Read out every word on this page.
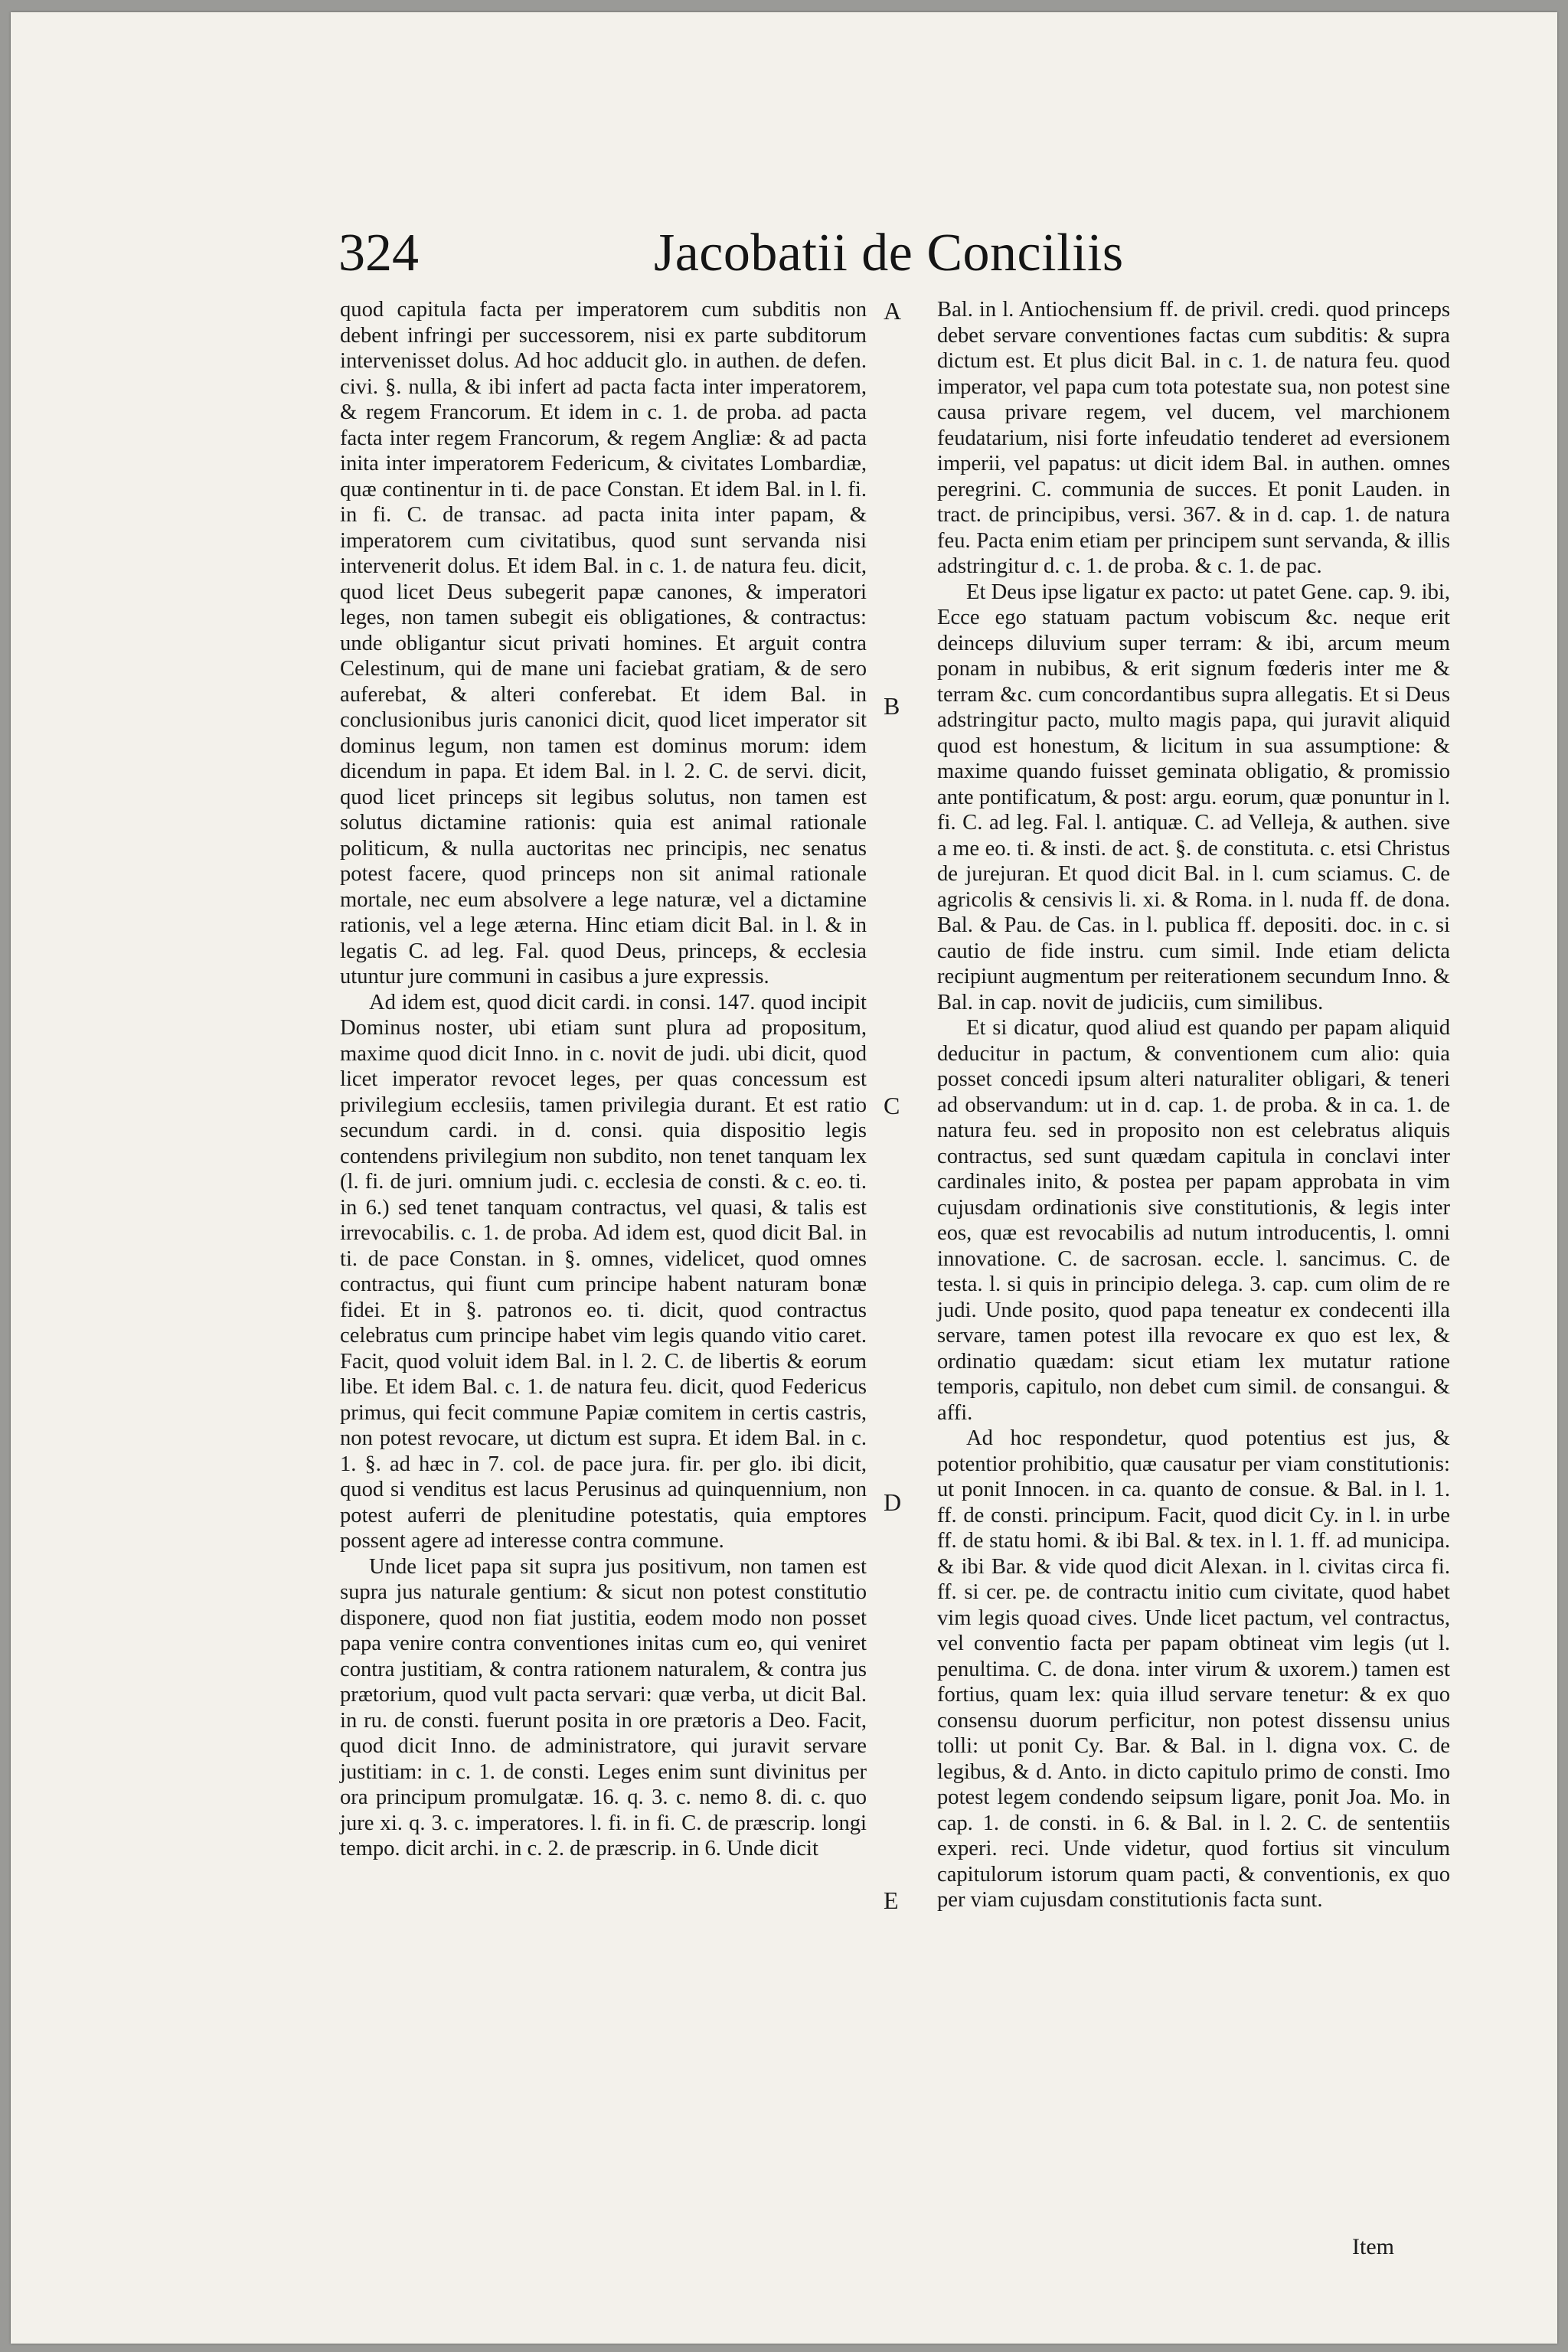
324	Jacobatii de Conciliis

quod capitula facta per imperatorem cum subditis non debent infringi per successorem, nisi ex parte subditorum intervenisset dolus. Ad hoc adducit glo. in authen. de defen. civi. §. nulla, & ibi infert ad pacta facta inter imperatorem, & regem Francorum. Et idem in c. 1. de proba. ad pacta facta inter regem Francorum, & regem Angliæ: & ad pacta inita inter imperatorem Federicum, & civitates Lombardiæ, quæ continentur in ti. de pace Constan. Et idem Bal. in l. fi. in fi. C. de transac. ad pacta inita inter papam, & imperatorem cum civitatibus, quod sunt servanda nisi intervenerit dolus. Et idem Bal. in c. 1. de natura feu. dicit, quod licet Deus subegerit papæ canones, & imperatori leges, non tamen subegit eis obligationes, & contractus: unde obligantur sicut privati homines. Et arguit contra Celestinum, qui de mane uni faciebat gratiam, & de sero auferebat, & alteri conferebat. Et idem Bal. in conclusionibus juris canonici dicit, quod licet imperator sit dominus legum, non tamen est dominus morum: idem dicendum in papa. Et idem Bal. in l. 2. C. de servi. dicit, quod licet princeps sit legibus solutus, non tamen est solutus dictamine rationis: quia est animal rationale politicum, & nulla auctoritas nec principis, nec senatus potest facere, quod princeps non sit animal rationale mortale, nec eum absolvere a lege naturæ, vel a dictamine rationis, vel a lege æterna. Hinc etiam dicit Bal. in l. & in legatis C. ad leg. Fal. quod Deus, princeps, & ecclesia utuntur jure communi in casibus a jure expressis.

Ad idem est, quod dicit cardi. in consi. 147. quod incipit Dominus noster, ubi etiam sunt plura ad propositum, maxime quod dicit Inno. in c. novit de judi. ubi dicit, quod licet imperator revocet leges, per quas concessum est privilegium ecclesiis, tamen privilegia durant. Et est ratio secundum cardi. in d. consi. quia dispositio legis contendens privilegium non subdito, non tenet tanquam lex (l. fi. de juri. omnium judi. c. ecclesia de consti. & c. eo. ti. in 6.) sed tenet tanquam contractus, vel quasi, & talis est irrevocabilis. c. 1. de proba. Ad idem est, quod dicit Bal. in ti. de pace Constan. in §. omnes, videlicet, quod omnes contractus, qui fiunt cum principe habent naturam bonæ fidei. Et in §. patronos eo. ti. dicit, quod contractus celebratus cum principe habet vim legis quando vitio caret. Facit, quod voluit idem Bal. in l. 2. C. de libertis & eorum libe. Et idem Bal. c. 1. de natura feu. dicit, quod Federicus primus, qui fecit commune Papiæ comitem in certis castris, non potest revocare, ut dictum est supra. Et idem Bal. in c. 1. §. ad hæc in 7. col. de pace jura. fir. per glo. ibi dicit, quod si venditus est lacus Perusinus ad quinquennium, non potest auferri de plenitudine potestatis, quia emptores possent agere ad interesse contra commune.

Unde licet papa sit supra jus positivum, non tamen est supra jus naturale gentium: & sicut non potest constitutio disponere, quod non fiat justitia, eodem modo non posset papa venire contra conventiones initas cum eo, qui veniret contra justitiam, & contra rationem naturalem, & contra jus prætorium, quod vult pacta servari: quæ verba, ut dicit Bal. in ru. de consti. fuerunt posita in ore prætoris a Deo. Facit, quod dicit Inno. de administratore, qui juravit servare justitiam: in c. 1. de consti. Leges enim sunt divinitus per ora principum promulgatæ. 16. q. 3. c. nemo 8. di. c. quo jure xi. q. 3. c. imperatores. l. fi. in fi. C. de præscrip. longi tempo. dicit archi. in c. 2. de præscrip. in 6. Unde dicit

A
B
C
D
E

Bal. in l. Antiochensium ff. de privil. credi. quod princeps debet servare conventiones factas cum subditis: & supra dictum est. Et plus dicit Bal. in c. 1. de natura feu. quod imperator, vel papa cum tota potestate sua, non potest sine causa privare regem, vel ducem, vel marchionem feudatarium, nisi forte infeudatio tenderet ad eversionem imperii, vel papatus: ut dicit idem Bal. in authen. omnes peregrini. C. communia de succes. Et ponit Lauden. in tract. de principibus, versi. 367. & in d. cap. 1. de natura feu. Pacta enim etiam per principem sunt servanda, & illis adstringitur d. c. 1. de proba. & c. 1. de pac.

Et Deus ipse ligatur ex pacto: ut patet Gene. cap. 9. ibi, Ecce ego statuam pactum vobiscum &c. neque erit deinceps diluvium super terram: & ibi, arcum meum ponam in nubibus, & erit signum fœderis inter me & terram &c. cum concordantibus supra allegatis. Et si Deus adstringitur pacto, multo magis papa, qui juravit aliquid quod est honestum, & licitum in sua assumptione: & maxime quando fuisset geminata obligatio, & promissio ante pontificatum, & post: argu. eorum, quæ ponuntur in l. fi. C. ad leg. Fal. l. antiquæ. C. ad Velleja, & authen. sive a me eo. ti. & insti. de act. §. de constituta. c. etsi Christus de jurejuran. Et quod dicit Bal. in l. cum sciamus. C. de agricolis & censivis li. xi. & Roma. in l. nuda ff. de dona. Bal. & Pau. de Cas. in l. publica ff. depositi. doc. in c. si cautio de fide instru. cum simil. Inde etiam delicta recipiunt augmentum per reiterationem secundum Inno. & Bal. in cap. novit de judiciis, cum similibus.

Et si dicatur, quod aliud est quando per papam aliquid deducitur in pactum, & conventionem cum alio: quia posset concedi ipsum alteri naturaliter obligari, & teneri ad observandum: ut in d. cap. 1. de proba. & in ca. 1. de natura feu. sed in proposito non est celebratus aliquis contractus, sed sunt quædam capitula in conclavi inter cardinales inito, & postea per papam approbata in vim cujusdam ordinationis sive constitutionis, & legis inter eos, quæ est revocabilis ad nutum introducentis, l. omni innovatione. C. de sacrosan. eccle. l. sancimus. C. de testa. l. si quis in principio delega. 3. cap. cum olim de re judi. Unde posito, quod papa teneatur ex condecenti illa servare, tamen potest illa revocare ex quo est lex, & ordinatio quædam: sicut etiam lex mutatur ratione temporis, capitulo, non debet cum simil. de consangui. & affi.

Ad hoc respondetur, quod potentius est jus, & potentior prohibitio, quæ causatur per viam constitutionis: ut ponit Innocen. in ca. quanto de consue. & Bal. in l. 1. ff. de consti. principum. Facit, quod dicit Cy. in l. in urbe ff. de statu homi. & ibi Bal. & tex. in l. 1. ff. ad municipa. & ibi Bar. & vide quod dicit Alexan. in l. civitas circa fi. ff. si cer. pe. de contractu initio cum civitate, quod habet vim legis quoad cives. Unde licet pactum, vel contractus, vel conventio facta per papam obtineat vim legis (ut l. penultima. C. de dona. inter virum & uxorem.) tamen est fortius, quam lex: quia illud servare tenetur: & ex quo consensu duorum perficitur, non potest dissensu unius tolli: ut ponit Cy. Bar. & Bal. in l. digna vox. C. de legibus, & d. Anto. in dicto capitulo primo de consti. Imo potest legem condendo seipsum ligare, ponit Joa. Mo. in cap. 1. de consti. in 6. & Bal. in l. 2. C. de sententiis experi. reci. Unde videtur, quod fortius sit vinculum capitulorum istorum quam pacti, & conventionis, ex quo per viam cujusdam constitutionis facta sunt.

Item
